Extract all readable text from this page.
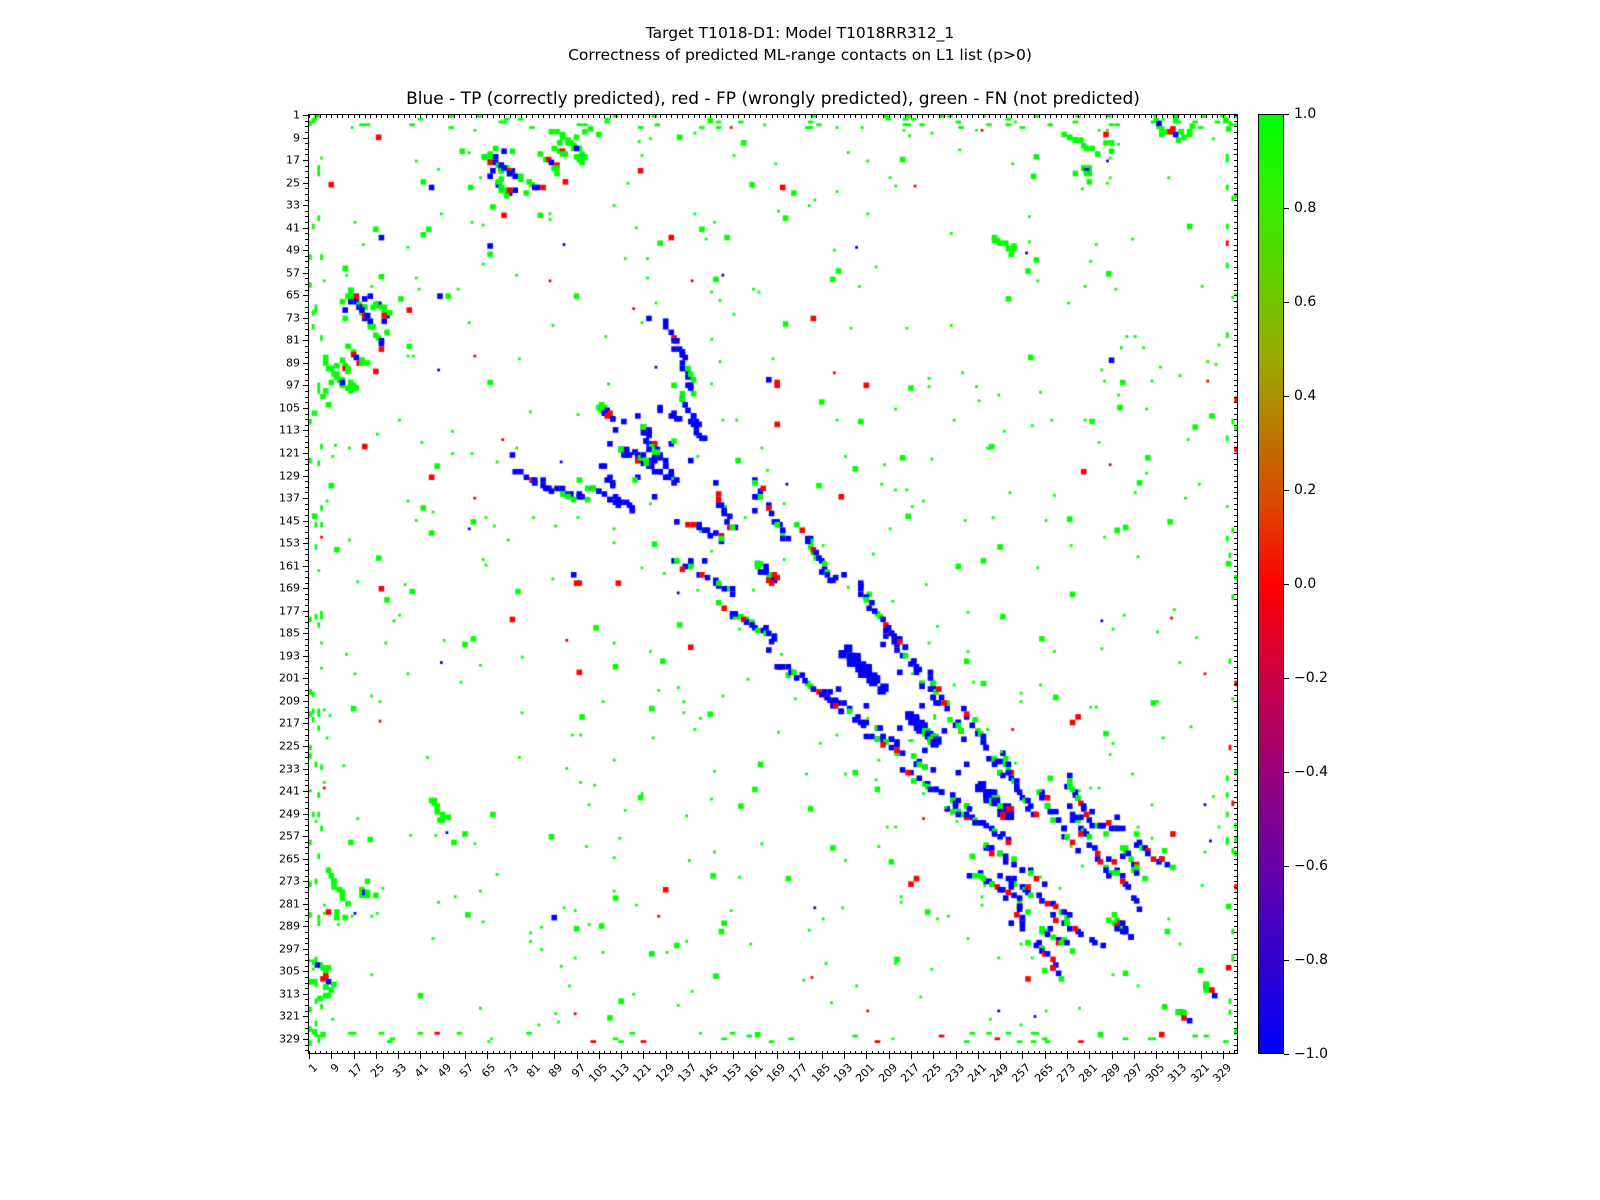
Target T1018-D1: Model T1018RR312_1
Correctness of predicted ML-range contacts on L1 list (p>0)
Blue - TP (correctly predicted), red - FP (wrongly predicted), green - FN (not predicted)
1
9
17
25
33
41
49
57
65
73
81
89
97
105
113
121
129
137
145
153
161
169
177
185
193
201
209
217
225
233
241
249
257
265
273
281
289
297
305
313
321
329
1 9 17 25 33 41 49 57 65 73 81 89 97
105
113
121
129
137
145
153
161
169
177
185
193
201
209
217
225
233
241
249
257
265
273
281
289
297
305
313
321
329
1.0
0.8
0.6
0.4
0.2
0.0
−0.2
−0.4
−0.6
−0.8
−1.0
